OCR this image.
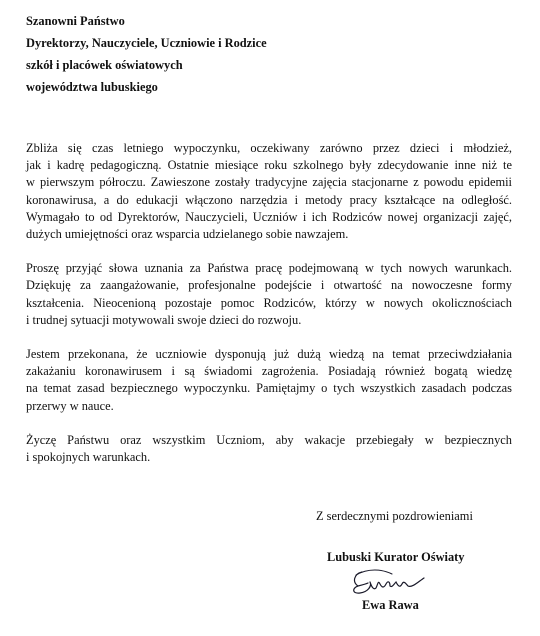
Szanowni Państwo
Dyrektorzy, Nauczyciele, Uczniowie i Rodzice
szkół i placówek oświatowych
województwa lubuskiego
Zbliża się czas letniego wypoczynku, oczekiwany zarówno przez dzieci i młodzież,
jak i kadrę pedagogiczną. Ostatnie miesiące roku szkolnego były zdecydowanie inne niż te
w pierwszym półroczu. Zawieszone zostały tradycyjne zajęcia stacjonarne z powodu epidemii
koronawirusa, a do edukacji włączono narzędzia i metody pracy kształcące na odległość.
Wymagało to od Dyrektorów, Nauczycieli, Uczniów i ich Rodziców nowej organizacji zajęć,
dużych umiejętności oraz wsparcia udzielanego sobie nawzajem.
Proszę przyjąć słowa uznania za Państwa pracę podejmowaną w tych nowych warunkach.
Dziękuję za zaangażowanie, profesjonalne podejście i otwartość na nowoczesne formy
kształcenia. Nieocenioną pozostaje pomoc Rodziców, którzy w nowych okolicznościach
i trudnej sytuacji motywowali swoje dzieci do rozwoju.
Jestem przekonana, że uczniowie dysponują już dużą wiedzą na temat przeciwdziałania
zakażaniu koronawirusem i są świadomi zagrożenia. Posiadają również bogatą wiedzę
na temat zasad bezpiecznego wypoczynku. Pamiętajmy o tych wszystkich zasadach podczas
przerwy w nauce.
Życzę Państwu oraz wszystkim Uczniom, aby wakacje przebiegały w bezpiecznych
i spokojnych warunkach.
Z serdecznymi pozdrowieniami
Lubuski Kurator Oświaty
Ewa Rawa
